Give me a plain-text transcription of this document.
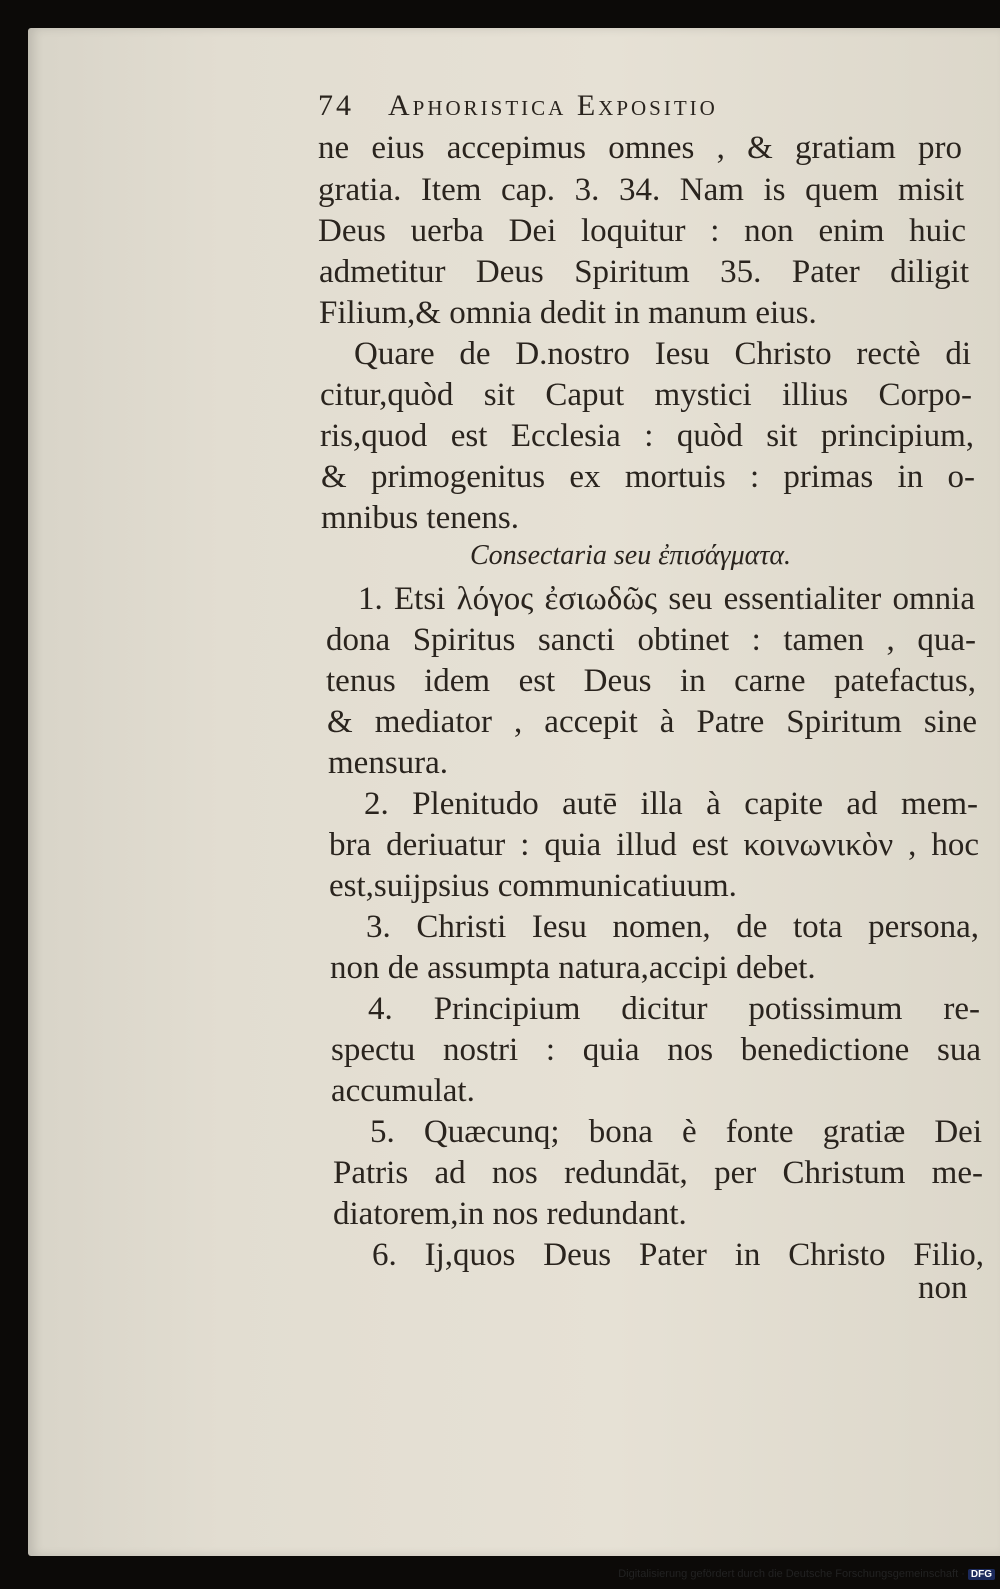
74 Aphoristica Expositio
ne eius accepimus omnes , & gratiam pro
gratia. Item cap. 3. 34. Nam is quem misit
Deus uerba Dei loquitur : non enim huic
admetitur Deus Spiritum 35. Pater diligit
Filium,& omnia dedit in manum eius.
Quare de D.nostro Iesu Christo rectè di
citur,quòd sit Caput mystici illius Corpo-
ris,quod est Ecclesia : quòd sit principium,
& primogenitus ex mortuis : primas in o-
mnibus tenens.
Consectaria seu ἐπισάγματα.
1. Etsi λόγος ἐσιωδῶς seu essentialiter omnia
dona Spiritus sancti obtinet : tamen , qua-
tenus idem est Deus in carne patefactus,
& mediator , accepit à Patre Spiritum sine
mensura.
2. Plenitudo autē illa à capite ad mem-
bra deriuatur : quia illud est κοινωνικὸν , hoc
est,suijpsius communicatiuum.
3. Christi Iesu nomen, de tota persona,
non de assumpta natura,accipi debet.
4. Principium dicitur potissimum re-
spectu nostri : quia nos benedictione sua
accumulat.
5. Quæcunq; bona è fonte gratiæ Dei
Patris ad nos redundāt, per Christum me-
diatorem,in nos redundant.
6. Ij,quos Deus Pater in Christo Filio,
non
Digitalisierung gefördert durch die Deutsche Forschungsgemeinschaft · DFG
